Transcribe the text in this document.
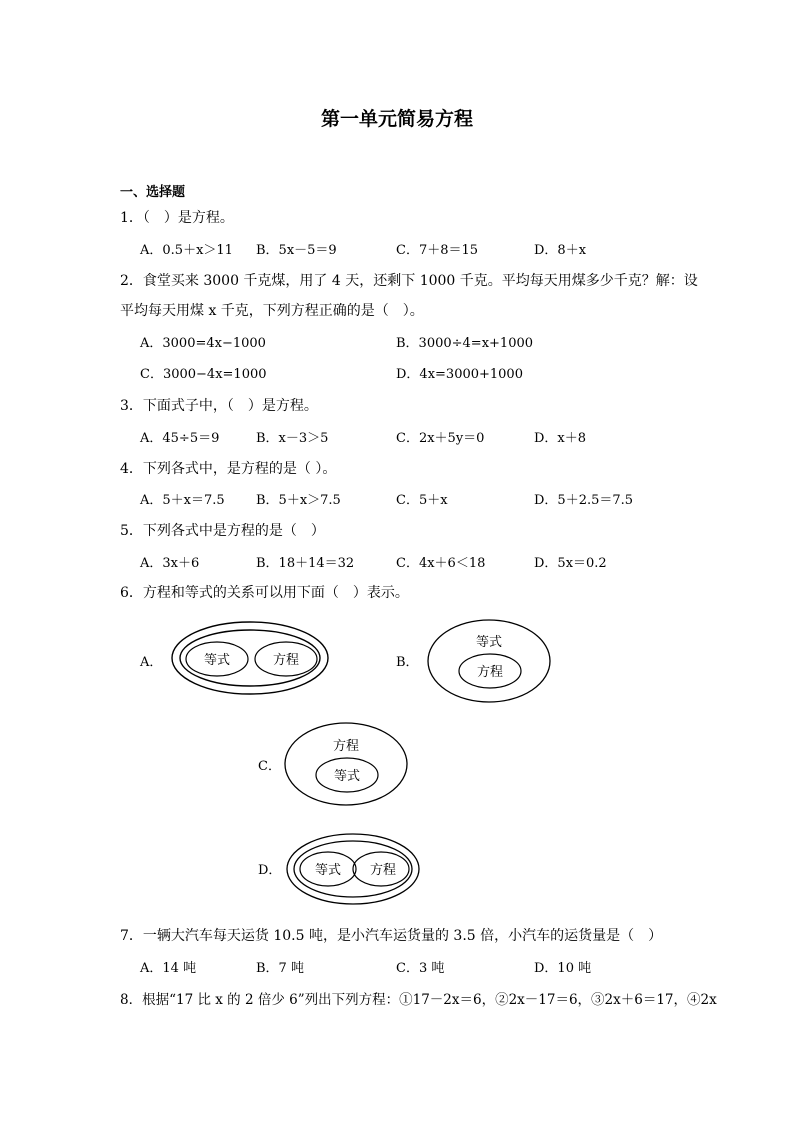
第一单元简易方程
一、选择题
1．（　）是方程。
A．0.5＋x＞11 B．5x－5＝9	C．7＋8＝15	D．8＋x
2．食堂买来 3000 千克煤，用了 4 天，还剩下 1000 千克。平均每天用煤多少千克？解：设
平均每天用煤 x 千克，下列方程正确的是（　）。
A．3000=4x−1000	B．3000÷4=x+1000
C．3000−4x=1000	D．4x=3000+1000
3．下面式子中，（　）是方程。
A．45÷5＝9	B．x－3＞5	C．2x＋5y＝0	D．x＋8
4．下列各式中，是方程的是（ ）。
A．5＋x＝7.5 B．5＋x＞7.5	C．5＋x	D．5＋2.5＝7.5
5．下列各式中是方程的是（　）
A．3x＋6	B．18＋14＝32	C．4x＋6＜18	D．5x＝0.2
6．方程和等式的关系可以用下面（　）表示。
A．	等式	方程	B．
等式
方程
C．
方程
等式
D．	等式 方程
7．一辆大汽车每天运货 10.5 吨，是小汽车运货量的 3.5 倍，小汽车的运货量是（　）
A．14 吨	B．7 吨	C．3 吨	D．10 吨
8．根据“17 比 x 的 2 倍少 6”列出下列方程：①17－2x＝6，②2x－17＝6，③2x＋6＝17，④2x
